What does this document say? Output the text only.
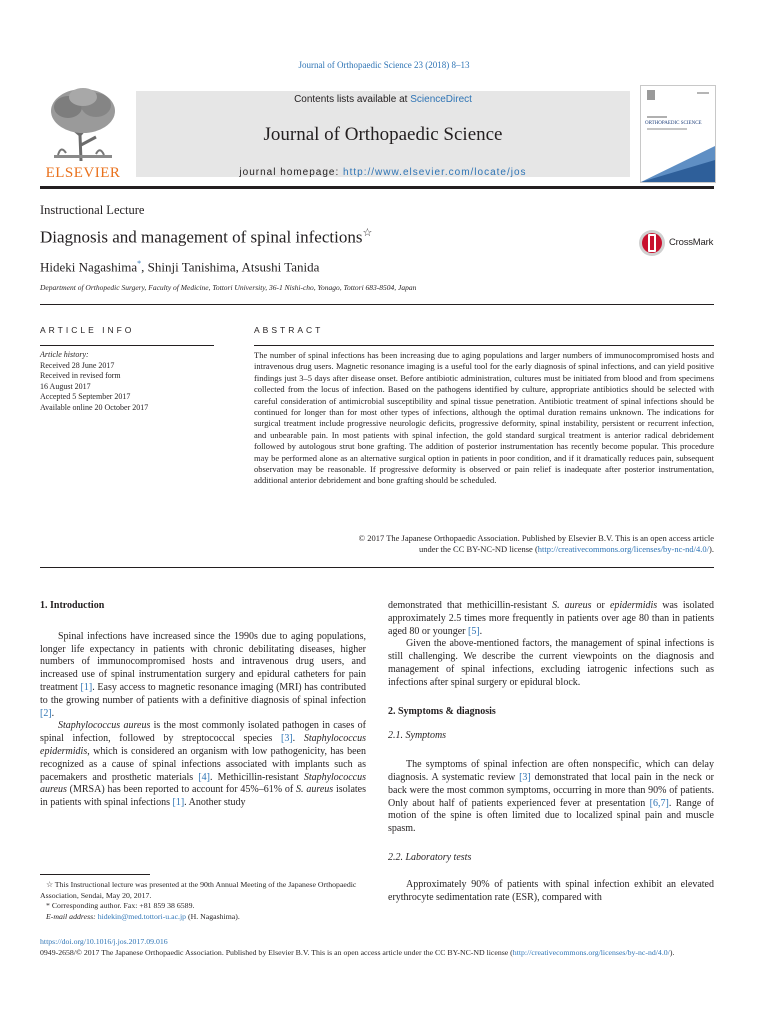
Journal of Orthopaedic Science 23 (2018) 8–13
ELSEVIER
Contents lists available at ScienceDirect
Journal of Orthopaedic Science
journal homepage: http://www.elsevier.com/locate/jos
ORTHOPAEDIC SCIENCE
Instructional Lecture
Diagnosis and management of spinal infections☆
CrossMark
Hideki Nagashima*, Shinji Tanishima, Atsushi Tanida
Department of Orthopedic Surgery, Faculty of Medicine, Tottori University, 36-1 Nishi-cho, Yonago, Tottori 683-8504, Japan
ARTICLE INFO	ABSTRACT
Article history:
Received 28 June 2017
Received in revised form
16 August 2017
Accepted 5 September 2017
Available online 20 October 2017
The number of spinal infections has been increasing due to aging populations and larger numbers of immunocompromised hosts and intravenous drug users. Magnetic resonance imaging is a useful tool for the early diagnosis of spinal infections, and can yield positive findings just 3–5 days after disease onset. Before antibiotic administration, cultures must be initiated from blood and from specimens collected from the locus of infection. Based on the pathogens identified by culture, appropriate antibiotics should be selected with careful consideration of antimicrobial susceptibility and spinal tissue penetration. Antibiotic treatment of spinal infections should be continued for longer than for most other types of infections, although the optimal duration remains unknown. The indications for surgical treatment include progressive neurologic deficits, progressive deformity, spinal instability, persistent or recurrent infection, and unbearable pain. In most patients with spinal infection, the gold standard surgical treatment is anterior radical debridement followed by autologous strut bone grafting. The addition of posterior instrumentation has recently become popular. This procedure may be performed alone as an alternative surgical option in patients in poor condition, and if it dramatically reduces pain, subsequent observation may be reasonable. If progressive deformity is observed or pain relief is inadequate after posterior instrumentation, additional anterior debridement and bone grafting should be scheduled.
© 2017 The Japanese Orthopaedic Association. Published by Elsevier B.V. This is an open access article
under the CC BY-NC-ND license (http://creativecommons.org/licenses/by-nc-nd/4.0/).
1. Introduction

Spinal infections have increased since the 1990s due to aging populations, longer life expectancy in patients with chronic debilitating diseases, higher numbers of immunocompromised hosts and intravenous drug users, and increased use of spinal instrumentation surgery and epidural catheters for pain treatment [1]. Easy access to magnetic resonance imaging (MRI) has contributed to the growing number of patients with a definitive diagnosis of spinal infection [2].

Staphylococcus aureus is the most commonly isolated pathogen in cases of spinal infection, followed by streptococcal species [3]. Staphylococcus epidermidis, which is considered an organism with low pathogenicity, has been recognized as a cause of spinal infections associated with implants such as pacemakers and prosthetic materials [4]. Methicillin-resistant Staphylococcus aureus (MRSA) has been reported to account for 45%–61% of S. aureus isolates in patients with spinal infections [1]. Another study

demonstrated that methicillin-resistant S. aureus or epidermidis was isolated approximately 2.5 times more frequently in patients over age 80 than in patients aged 80 or younger [5].

Given the above-mentioned factors, the management of spinal infections is still challenging. We describe the current viewpoints on the diagnosis and management of spinal infections, excluding iatrogenic infections such as infections after spinal surgery or epidural block.

2. Symptoms & diagnosis
2.1. Symptoms

The symptoms of spinal infection are often nonspecific, which can delay diagnosis. A systematic review [3] demonstrated that local pain in the neck or back were the most common symptoms, occurring in more than 90% of patients. Only about half of patients experienced fever at presentation [6,7]. Range of motion of the spine is often limited due to localized spinal pain and muscle spasm.

2.2. Laboratory tests

Approximately 90% of patients with spinal infection exhibit an elevated erythrocyte sedimentation rate (ESR), compared with

☆ This Instructional lecture was presented at the 90th Annual Meeting of the Japanese Orthopaedic Association, Sendai, May 20, 2017.
* Corresponding author. Fax: +81 859 38 6589.
E-mail address: hidekin@med.tottori-u.ac.jp (H. Nagashima).
https://doi.org/10.1016/j.jos.2017.09.016
0949-2658/© 2017 The Japanese Orthopaedic Association. Published by Elsevier B.V. This is an open access article under the CC BY-NC-ND license (http://creativecommons.org/licenses/by-nc-nd/4.0/).
